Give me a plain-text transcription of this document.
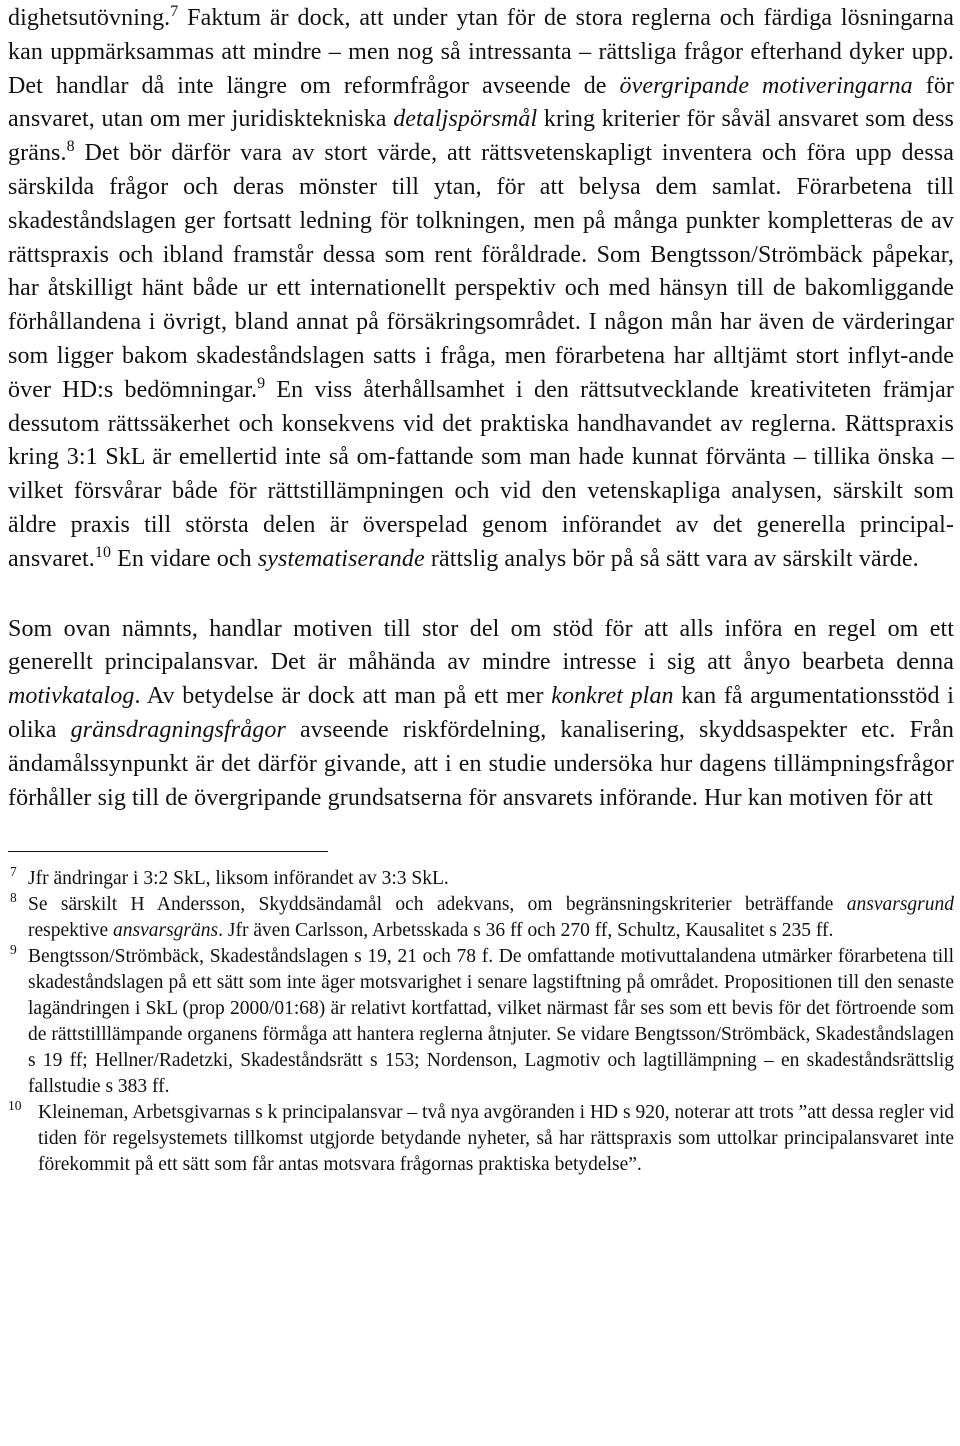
dighetsutövning.$^7$ Faktum är dock, att under ytan för de stora reglerna och färdiga lösningarna kan uppmärksammas att mindre – men nog så intressanta – rättsliga frågor efterhand dyker upp. Det handlar då inte längre om reformfrågor avseende de övergripande motiveringarna för ansvaret, utan om mer juridisktekniska detaljspörsmål kring kriterier för såväl ansvaret som dess gräns.$^8$ Det bör därför vara av stort värde, att rättsvetenskapligt inventera och föra upp dessa särskilda frågor och deras mönster till ytan, för att belysa dem samlat. Förarbetena till skadeståndslagen ger fortsatt ledning för tolkningen, men på många punkter kompletteras de av rättspraxis och ibland framstår dessa som rent föråldrade. Som Bengtsson/Strömbäck påpekar, har åtskilligt hänt både ur ett internationellt perspektiv och med hänsyn till de bakomliggande förhållandena i övrigt, bland annat på försäkringsområdet. I någon mån har även de värderingar som ligger bakom skadeståndslagen satts i fråga, men förarbetena har alltjämt stort inflyt-ande över HD:s bedömningar.$^9$ En viss återhållsamhet i den rättsutvecklande kreativiteten främjar dessutom rättssäkerhet och konsekvens vid det praktiska handhavandet av reglerna. Rättspraxis kring 3:1 SkL är emellertid inte så om-fattande som man hade kunnat förvänta – tillika önska – vilket försvårar både för rättstillämpningen och vid den vetenskapliga analysen, särskilt som äldre praxis till största delen är överspelad genom införandet av det generella principal-ansvaret.$^{10}$ En vidare och systematiserande rättslig analys bör på så sätt vara av särskilt värde.

Som ovan nämnts, handlar motiven till stor del om stöd för att alls införa en regel om ett generellt principalansvar. Det är måhända av mindre intresse i sig att ånyo bearbeta denna motivkatalog. Av betydelse är dock att man på ett mer konkret plan kan få argumentationsstöd i olika gränsdragningsfrågor avseende riskfördelning, kanalisering, skyddsaspekter etc. Från ändamålssynpunkt är det därför givande, att i en studie undersöka hur dagens tillämpningsfrågor förhåller sig till de övergripande grundsatserna för ansvarets införande. Hur kan motiven för att

7 Jfr ändringar i 3:2 SkL, liksom införandet av 3:3 SkL.

8 Se särskilt H Andersson, Skyddsändamål och adekvans, om begränsningskriterier beträffande ansvarsgrund respektive ansvarsgräns. Jfr även Carlsson, Arbetsskada s 36 ff och 270 ff, Schultz, Kausalitet s 235 ff.

9 Bengtsson/Strömbäck, Skadeståndslagen s 19, 21 och 78 f. De omfattande motivuttalandena utmärker förarbetena till skadeståndslagen på ett sätt som inte äger motsvarighet i senare lagstiftning på området. Propositionen till den senaste lagändringen i SkL (prop 2000/01:68) är relativt kortfattad, vilket närmast får ses som ett bevis för det förtroende som de rättstilllämpande organens förmåga att hantera reglerna åtnjuter. Se vidare Bengtsson/Strömbäck, Skadeståndslagen s 19 ff; Hellner/Radetzki, Skadeståndsrätt s 153; Nordenson, Lagmotiv och lagtillämpning – en skadeståndsrättslig fallstudie s 383 ff.

10 Kleineman, Arbetsgivarnas s k principalansvar – två nya avgöranden i HD s 920, noterar att trots ”att dessa regler vid tiden för regelsystemets tillkomst utgjorde betydande nyheter, så har rättspraxis som uttolkar principalansvaret inte förekommit på ett sätt som får antas motsvara frågornas praktiska betydelse”.
